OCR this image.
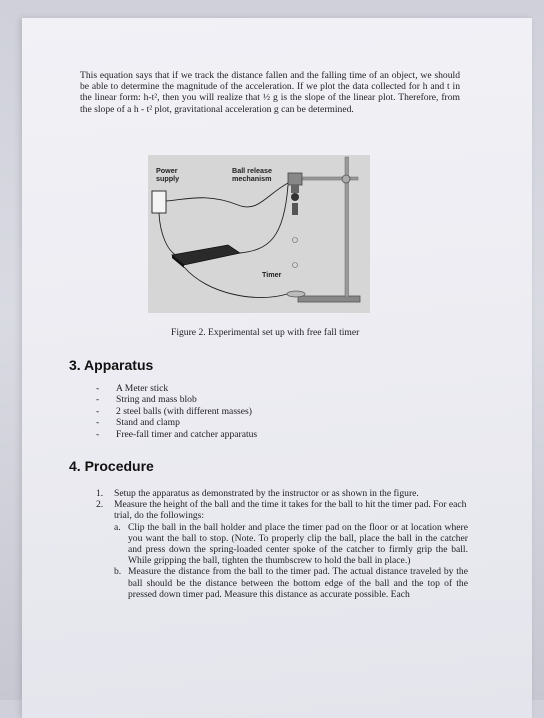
This equation says that if we track the distance fallen and the falling time of an object, we should be able to determine the magnitude of the acceleration. If we plot the data collected for h and t in the linear form: h-t², then you will realize that ½ g is the slope of the linear plot. Therefore, from the slope of a h - t² plot, gravitational acceleration g can be determined.

Power supply
Ball release mechanism
Timer
Figure 2. Experimental set up with free fall timer
3. Apparatus
- A Meter stick
- String and mass blob
- 2 steel balls (with different masses)
- Stand and clamp
- Free-fall timer and catcher apparatus
4. Procedure
1. Setup the apparatus as demonstrated by the instructor or as shown in the figure.
2. Measure the height of the ball and the time it takes for the ball to hit the timer pad. For each trial, do the followings:
a. Clip the ball in the ball holder and place the timer pad on the floor or at location where you want the ball to stop. (Note. To properly clip the ball, place the ball in the catcher and press down the spring-loaded center spoke of the catcher to firmly grip the ball. While gripping the ball, tighten the thumbscrew to hold the ball in place.)
b. Measure the distance from the ball to the timer pad. The actual distance traveled by the ball should be the distance between the bottom edge of the ball and the top of the pressed down timer pad. Measure this distance as accurate possible. Each
